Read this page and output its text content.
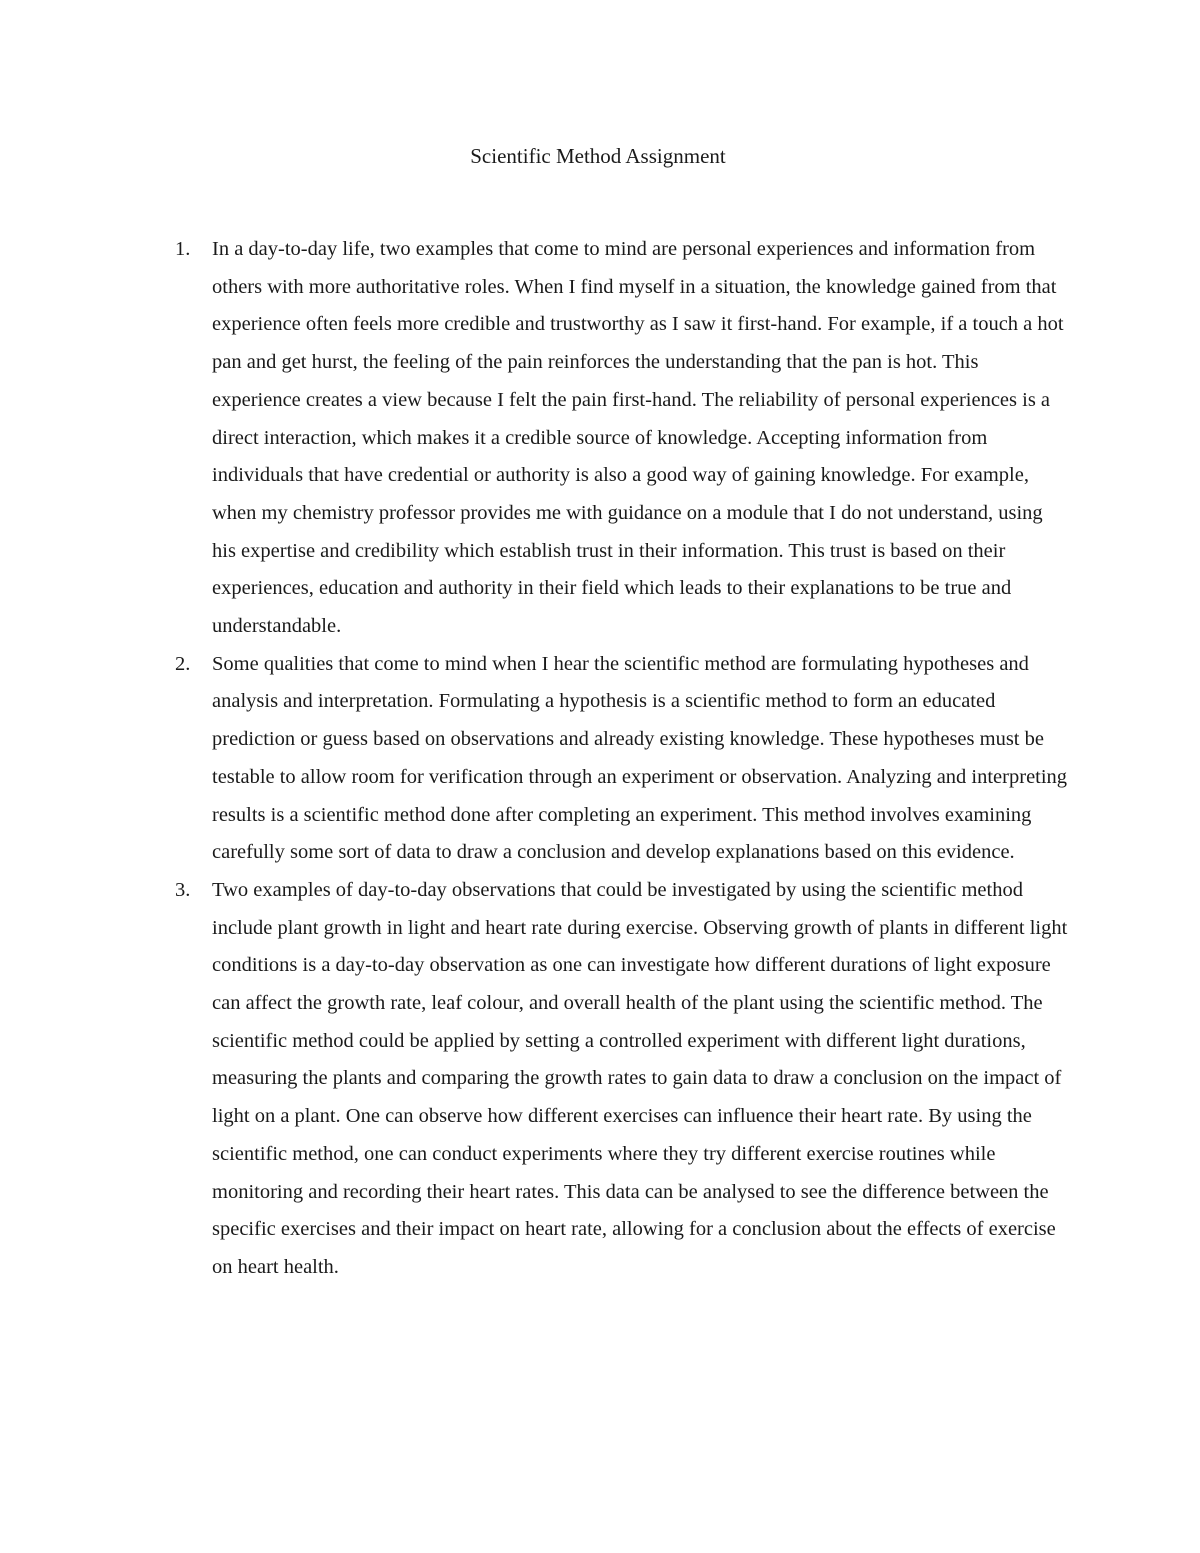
Scientific Method Assignment
1. In a day-to-day life, two examples that come to mind are personal experiences and information from others with more authoritative roles. When I find myself in a situation, the knowledge gained from that experience often feels more credible and trustworthy as I saw it first-hand. For example, if a touch a hot pan and get hurst, the feeling of the pain reinforces the understanding that the pan is hot. This experience creates a view because I felt the pain first-hand. The reliability of personal experiences is a direct interaction, which makes it a credible source of knowledge. Accepting information from individuals that have credential or authority is also a good way of gaining knowledge. For example, when my chemistry professor provides me with guidance on a module that I do not understand, using his expertise and credibility which establish trust in their information. This trust is based on their experiences, education and authority in their field which leads to their explanations to be true and understandable.

2. Some qualities that come to mind when I hear the scientific method are formulating hypotheses and analysis and interpretation. Formulating a hypothesis is a scientific method to form an educated prediction or guess based on observations and already existing knowledge. These hypotheses must be testable to allow room for verification through an experiment or observation. Analyzing and interpreting results is a scientific method done after completing an experiment. This method involves examining carefully some sort of data to draw a conclusion and develop explanations based on this evidence.

3. Two examples of day-to-day observations that could be investigated by using the scientific method include plant growth in light and heart rate during exercise. Observing growth of plants in different light conditions is a day-to-day observation as one can investigate how different durations of light exposure can affect the growth rate, leaf colour, and overall health of the plant using the scientific method. The scientific method could be applied by setting a controlled experiment with different light durations, measuring the plants and comparing the growth rates to gain data to draw a conclusion on the impact of light on a plant. One can observe how different exercises can influence their heart rate. By using the scientific method, one can conduct experiments where they try different exercise routines while monitoring and recording their heart rates. This data can be analysed to see the difference between the specific exercises and their impact on heart rate, allowing for a conclusion about the effects of exercise on heart health.
